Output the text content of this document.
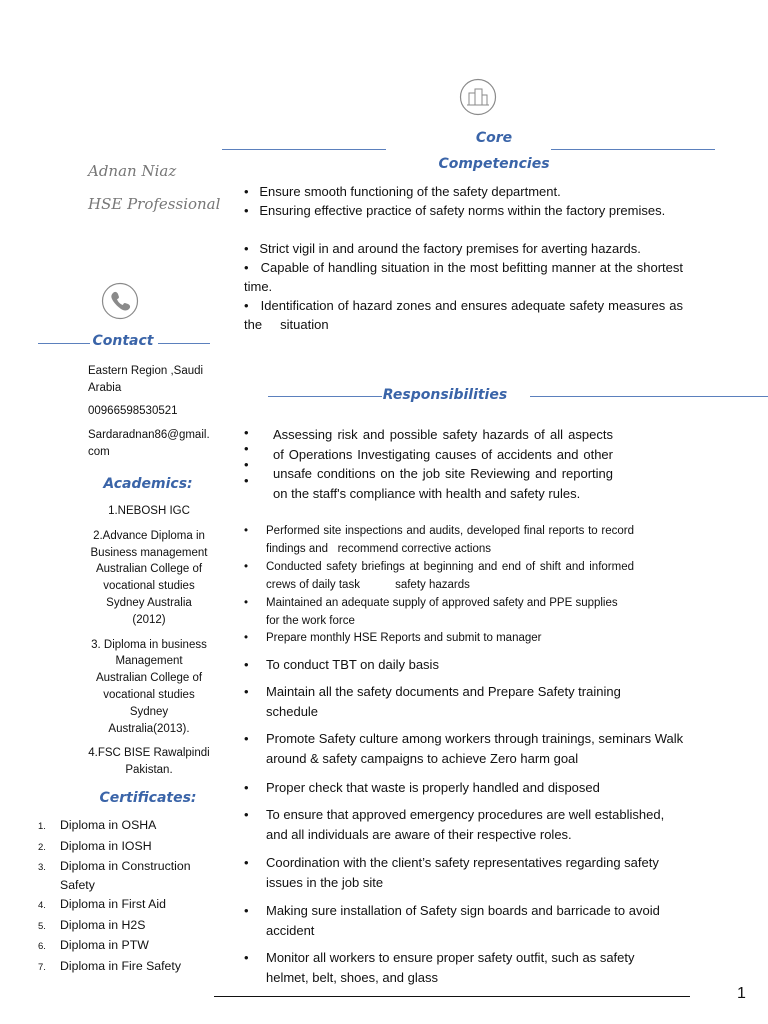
Core
Competencies
Adnan Niaz
HSE Professional
Contact
Eastern Region ,Saudi
Arabia
00966598530521
Sardaradnan86@gmail.
com
Academics:
1.NEBOSH IGC
2.Advance Diploma in
Business management
Australian College of
vocational studies
Sydney Australia
(2012)
3. Diploma in business
Management
Australian College of
vocational studies
Sydney
Australia(2013).
4.FSC BISE Rawalpindi
Pakistan.
Certificates:
1.	Diploma in OSHA
2.	Diploma in IOSH
3.	Diploma in Construction Safety
4.	Diploma in First Aid
5.	Diploma in H2S
6.	Diploma in PTW
7.	Diploma in Fire Safety
•   Ensure smooth functioning of the safety department.
•   Ensuring effective practice of safety norms within the factory premises.
•   Strict vigil in and around the factory premises for averting hazards.
•   Capable of handling situation in the most befitting manner at the shortest time.
•   Identification of hazard zones and ensures adequate safety measures as the     situation
Responsibilities
•
•
•
•
Assessing risk and possible safety hazards of all aspects of Operations Investigating causes of accidents and other unsafe conditions on the job site Reviewing and reporting on the staff's compliance with health and safety rules.
•	Performed site inspections and audits, developed final reports to record findings and   recommend corrective actions
•	Conducted safety briefings at beginning and end of shift and informed crews of daily task           safety hazards
•	Maintained an adequate supply of approved safety and PPE supplies for the work force
•	Prepare monthly HSE Reports and submit to manager
•	To conduct TBT on daily basis
•	Maintain all the safety documents and Prepare Safety training schedule
•	Promote Safety culture among workers through trainings, seminars Walk around & safety campaigns to achieve Zero harm goal
•	Proper check that waste is properly handled and disposed
•	To ensure that approved emergency procedures are well established, and all individuals are aware of their respective roles.
•	Coordination with the client’s safety representatives regarding safety issues in the job site
•	Making sure installation of Safety sign boards and barricade to avoid accident
•	Monitor all workers to ensure proper safety outfit, such as safety helmet, belt, shoes, and glass
1
